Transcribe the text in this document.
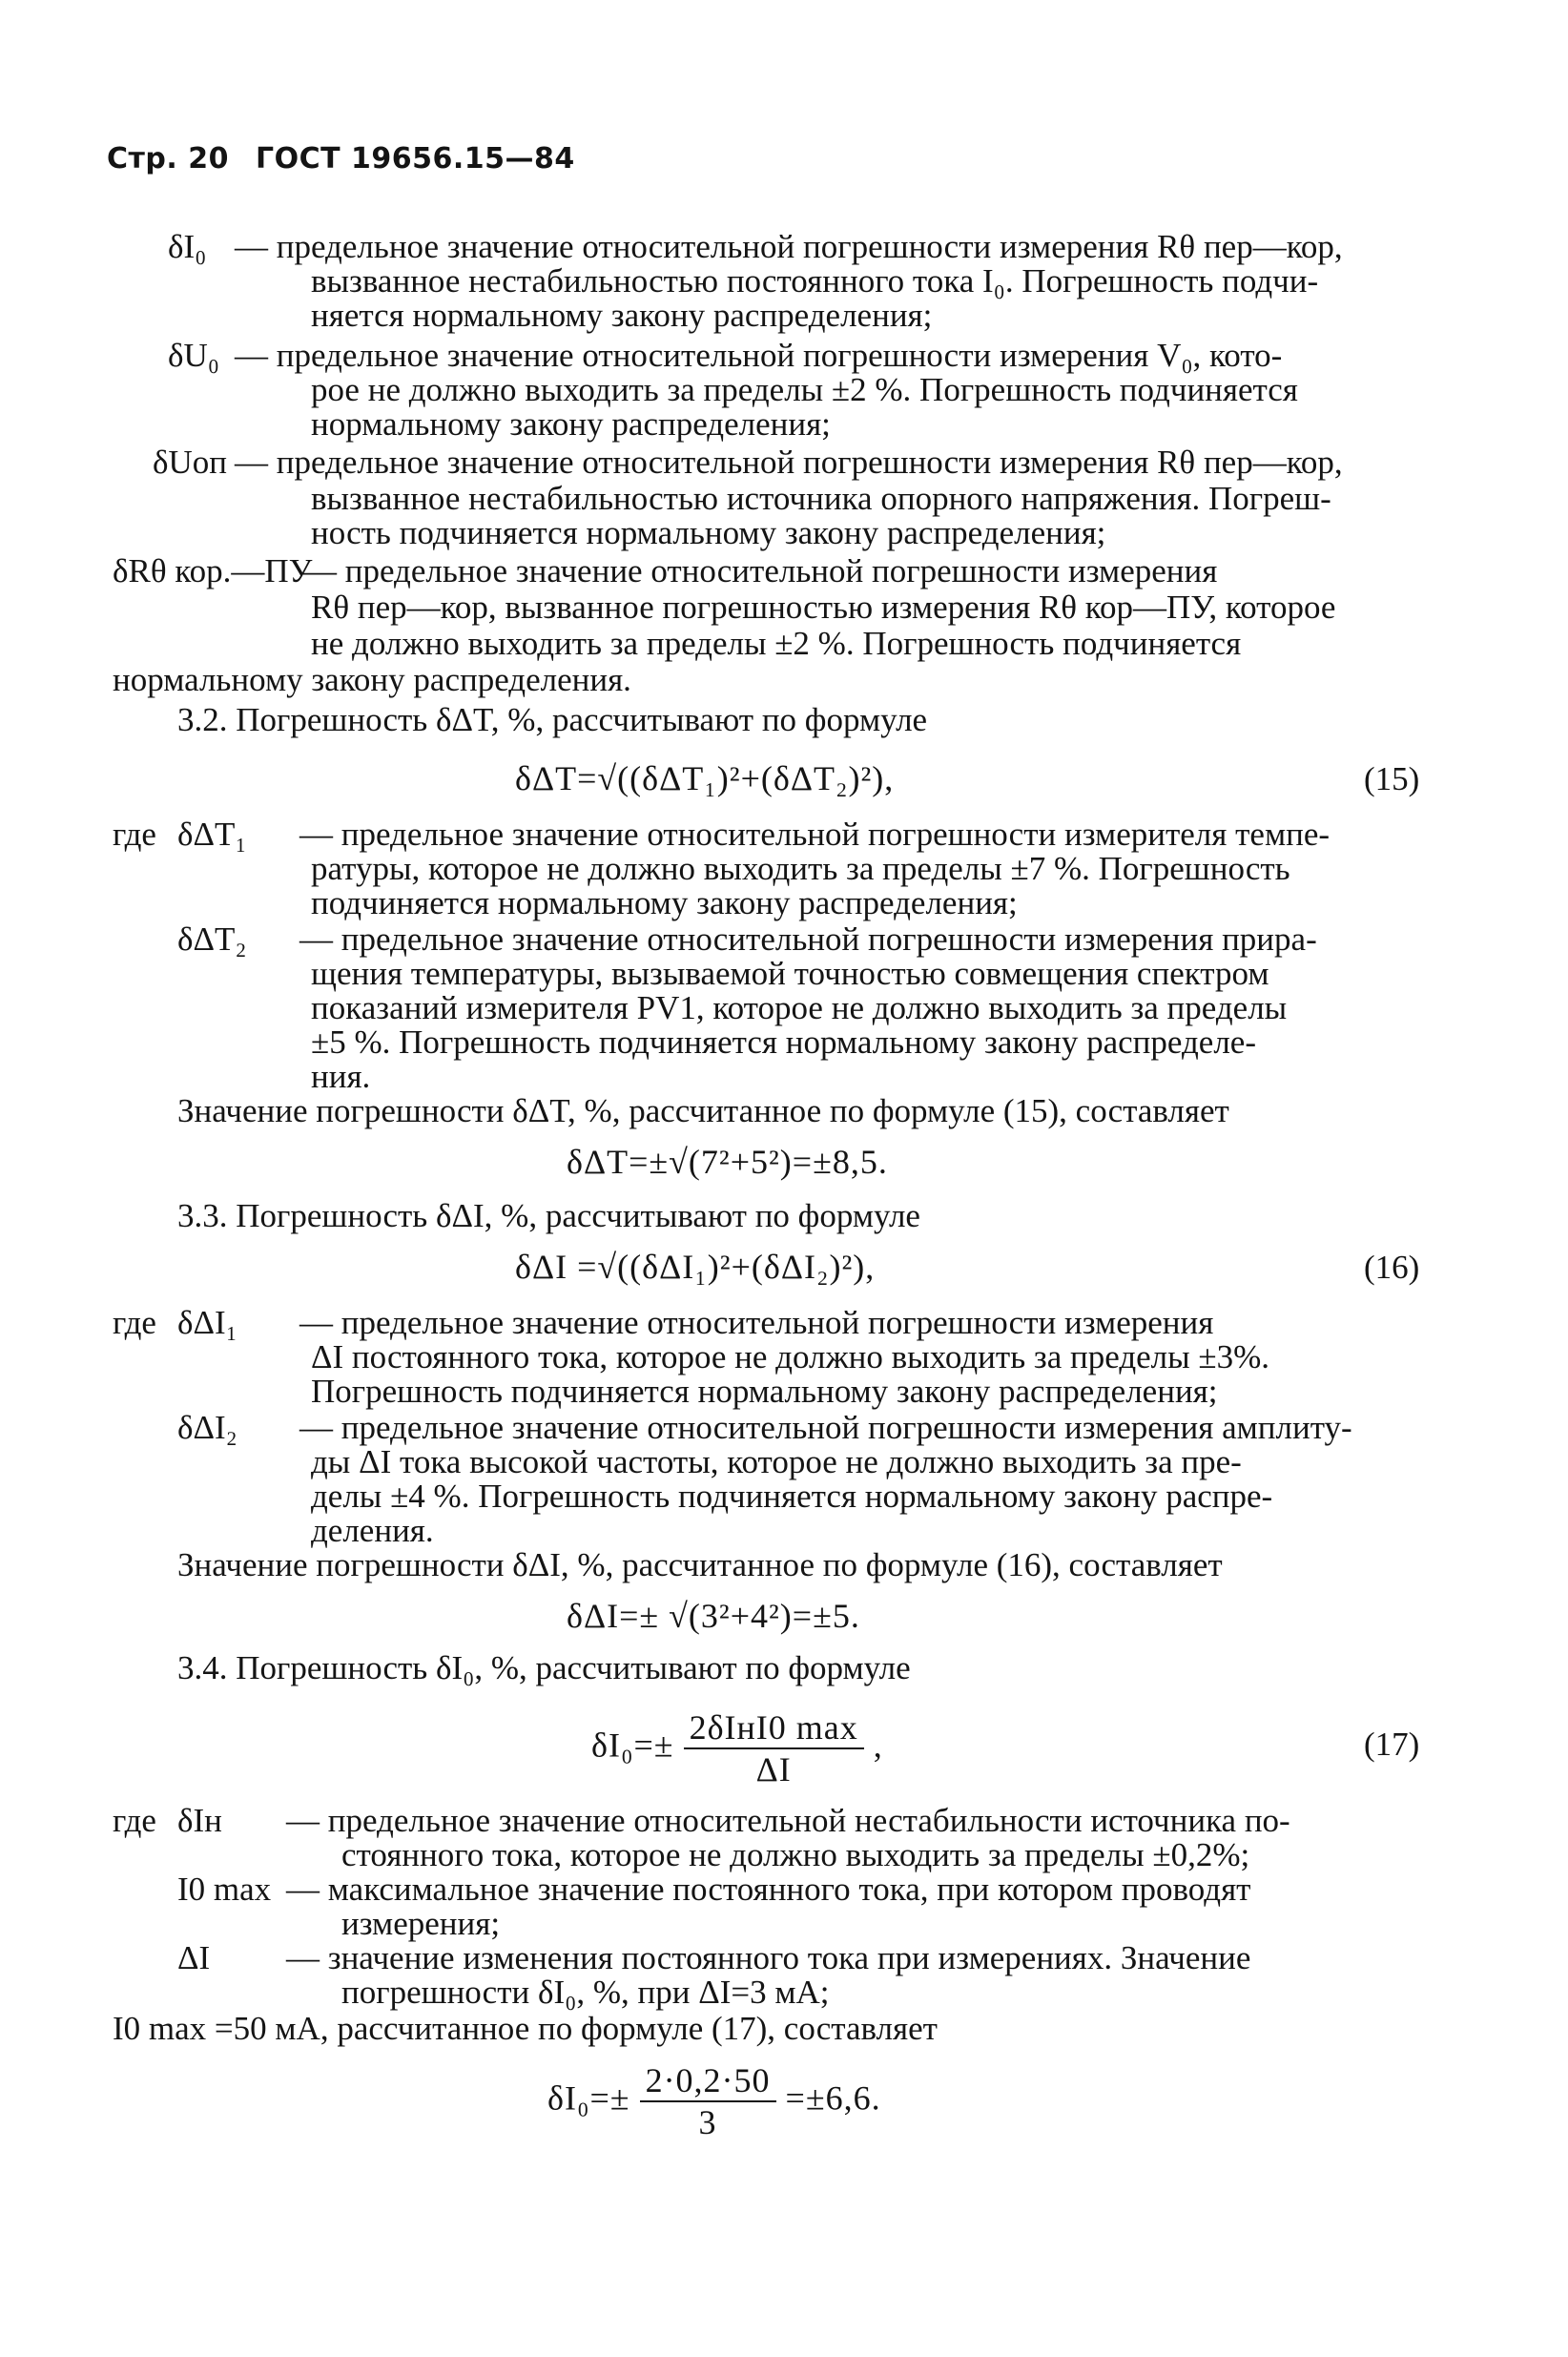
Стр. 20 ГОСТ 19656.15—84
δI₀ — предельное значение относительной погрешности измерения Rθ пер—кор,
вызванное нестабильностью постоянного тока I₀. Погрешность подчи-
няется нормальному закону распределения;
δU₀ — предельное значение относительной погрешности измерения V₀, кото-
рое не должно выходить за пределы ±2 %. Погрешность подчиняется
нормальному закону распределения;
δUоп — предельное значение относительной погрешности измерения Rθ пер—кор,
вызванное нестабильностью источника опорного напряжения. Погреш-
ность подчиняется нормальному закону распределения;
δRθ кор.—ПУ
— предельное значение относительной погрешности измерения
Rθ пер—кор, вызванное погрешностью измерения Rθ кор—ПУ, которое
не должно выходить за пределы ±2 %. Погрешность подчиняется
нормальному закону распределения.
3.2. Погрешность δΔT, %, рассчитывают по формуле
δΔT=√((δΔT₁)²+(δΔT₂)²),	(15)
где δΔT₁ — предельное значение относительной погрешности измерителя темпе-
ратуры, которое не должно выходить за пределы ±7 %. Погрешность
подчиняется нормальному закону распределения;
δΔT₂ — предельное значение относительной погрешности измерения прира-
щения температуры, вызываемой точностью совмещения спектром
показаний измерителя PV1, которое не должно выходить за пределы
±5 %. Погрешность подчиняется нормальному закону распределе-
ния.
Значение погрешности δΔT, %, рассчитанное по формуле (15), составляет
δΔT=±√(7²+5²)=±8,5.
3.3. Погрешность δΔI, %, рассчитывают по формуле
δΔI =√((δΔI₁)²+(δΔI₂)²),	(16)
где δΔI₁ — предельное значение относительной погрешности измерения
ΔI постоянного тока, которое не должно выходить за пределы ±3%.
Погрешность подчиняется нормальному закону распределения;
δΔI₂ — предельное значение относительной погрешности измерения амплиту-
ды ΔI тока высокой частоты, которое не должно выходить за пре-
делы ±4 %. Погрешность подчиняется нормальному закону распре-
деления.
Значение погрешности δΔI, %, рассчитанное по формуле (16), составляет
δΔI=± √(3²+4²)=±5.
3.4. Погрешность δI₀, %, рассчитывают по формуле
$\delta I_0=\pm \frac{\text{2δIнI0 max}}{\Delta I}$ ,	(17)
где δIн — предельное значение относительной нестабильности источника по-
стоянного тока, которое не должно выходить за пределы ±0,2%;
I0 max — максимальное значение постоянного тока, при котором проводят
измерения;
ΔI — значение изменения постоянного тока при измерениях. Значение
погрешности δI₀, %, при ΔI=3 мА;
I0 max =50 мА, рассчитанное по формуле (17), составляет
$\delta I_0=\pm \frac{2\cdot 0,2\cdot 50}{3} =\pm 6,6$.
